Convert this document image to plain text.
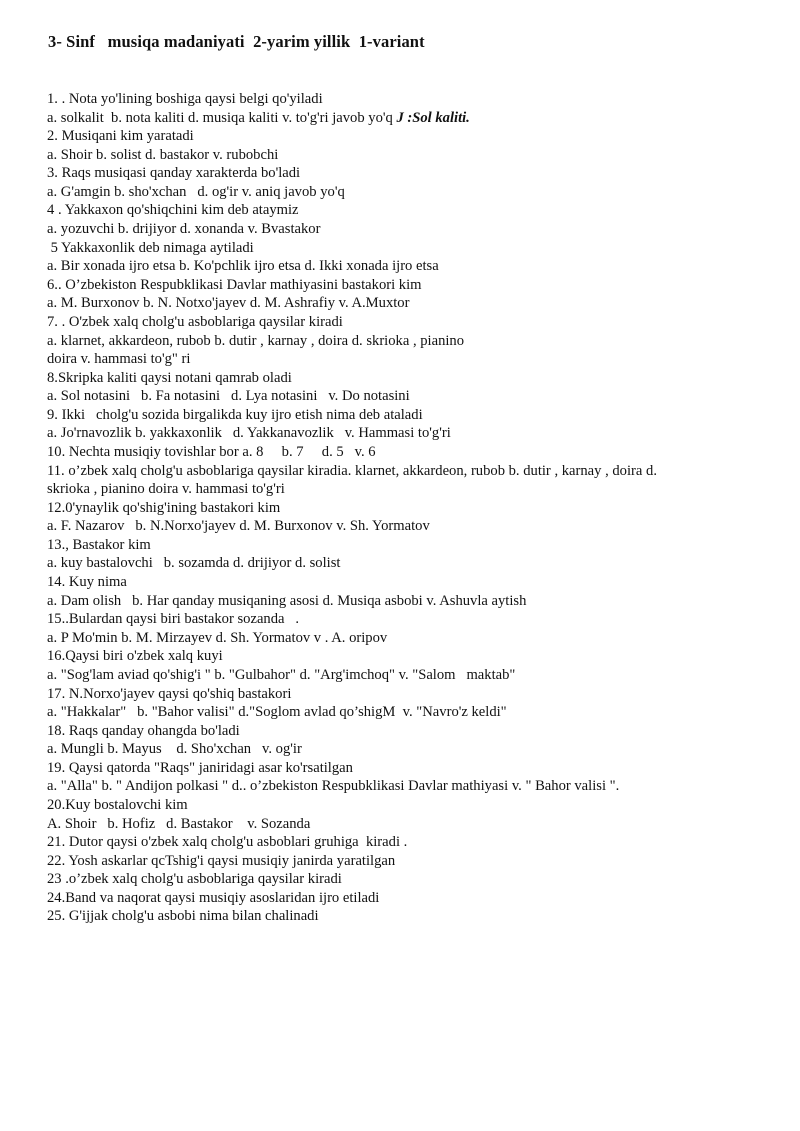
3- Sinf   musiqa madaniyati  2-yarim yillik  1-variant
1. . Nota yo'lining boshiga qaysi belgi qo'yiladi
a. solkalit  b. nota kaliti d. musiqa kaliti v. to'g'ri javob yo'q J :Sol kaliti.
2. Musiqani kim yaratadi
a. Shoir b. solist d. bastakor v. rubobchi
3. Raqs musiqasi qanday xarakterda bo'ladi
a. G'amgin b. sho'xchan   d. og'ir v. aniq javob yo'q
4 . Yakkaxon qo'shiqchini kim deb ataymiz
a. yozuvchi b. drijiyor d. xonanda v. Bvastakor
5 Yakkaxonlik deb nimaga aytiladi
a. Bir xonada ijro etsa b. Ko'pchlik ijro etsa d. Ikki xonada ijro etsa
6.. O’zbekiston Respubklikasi Davlar mathiyasini bastakori kim
a. M. Burxonov b. N. Notxo'jayev d. M. Ashrafiy v. A.Muxtor
7. . O'zbek xalq cholg'u asboblariga qaysilar kiradi
a. klarnet, akkardeon, rubob b. dutir , karnay , doira d. skrioka , pianino
doira v. hammasi to'g" ri
8.Skripka kaliti qaysi notani qamrab oladi
a. Sol notasini   b. Fa notasini   d. Lya notasini   v. Do notasini
9. Ikki   cholg'u sozida birgalikda kuy ijro etish nima deb ataladi
a. Jo'rnavozlik b. yakkaxonlik   d. Yakkanavozlik   v. Hammasi to'g'ri
10. Nechta musiqiy tovishlar bor a. 8     b. 7     d. 5   v. 6
11. o’zbek xalq cholg'u asboblariga qaysilar kiradia. klarnet, akkardeon, rubob b. dutir , karnay , doira d.
skrioka , pianino doira v. hammasi to'g'ri
12.0'ynaylik qo'shig'ining bastakori kim
a. F. Nazarov   b. N.Norxo'jayev d. M. Burxonov v. Sh. Yormatov
13., Bastakor kim
a. kuy bastalovchi   b. sozamda d. drijiyor d. solist
14. Kuy nima
a. Dam olish   b. Har qanday musiqaning asosi d. Musiqa asbobi v. Ashuvla aytish
15..Bulardan qaysi biri bastakor sozanda   .
a. P Mo'min b. M. Mirzayev d. Sh. Yormatov v . A. oripov
16.Qaysi biri o'zbek xalq kuyi
a. "Sog'lam aviad qo'shig'i " b. "Gulbahor" d. "Arg'imchoq" v. "Salom   maktab"
17. N.Norxo'jayev qaysi qo'shiq bastakori
a. "Hakkalar"   b. "Bahor valisi" d."Soglom avlad qo’shigM  v. "Navro'z keldi"
18. Raqs qanday ohangda bo'ladi
a. Mungli b. Mayus    d. Sho'xchan   v. og'ir
19. Qaysi qatorda "Raqs" janiridagi asar ko'rsatilgan
a. "Alla" b. " Andijon polkasi " d.. o’zbekiston Respubklikasi Davlar mathiyasi v. " Bahor valisi ".
20.Kuy bostalovchi kim
A. Shoir   b. Hofiz   d. Bastakor    v. Sozanda
21. Dutor qaysi o'zbek xalq cholg'u asboblari gruhiga  kiradi .
22. Yosh askarlar qcTshig'i qaysi musiqiy janirda yaratilgan
23 .o’zbek xalq cholg'u asboblariga qaysilar kiradi
24.Band va naqorat qaysi musiqiy asoslaridan ijro etiladi
25. G'ijjak cholg'u asbobi nima bilan chalinadi
